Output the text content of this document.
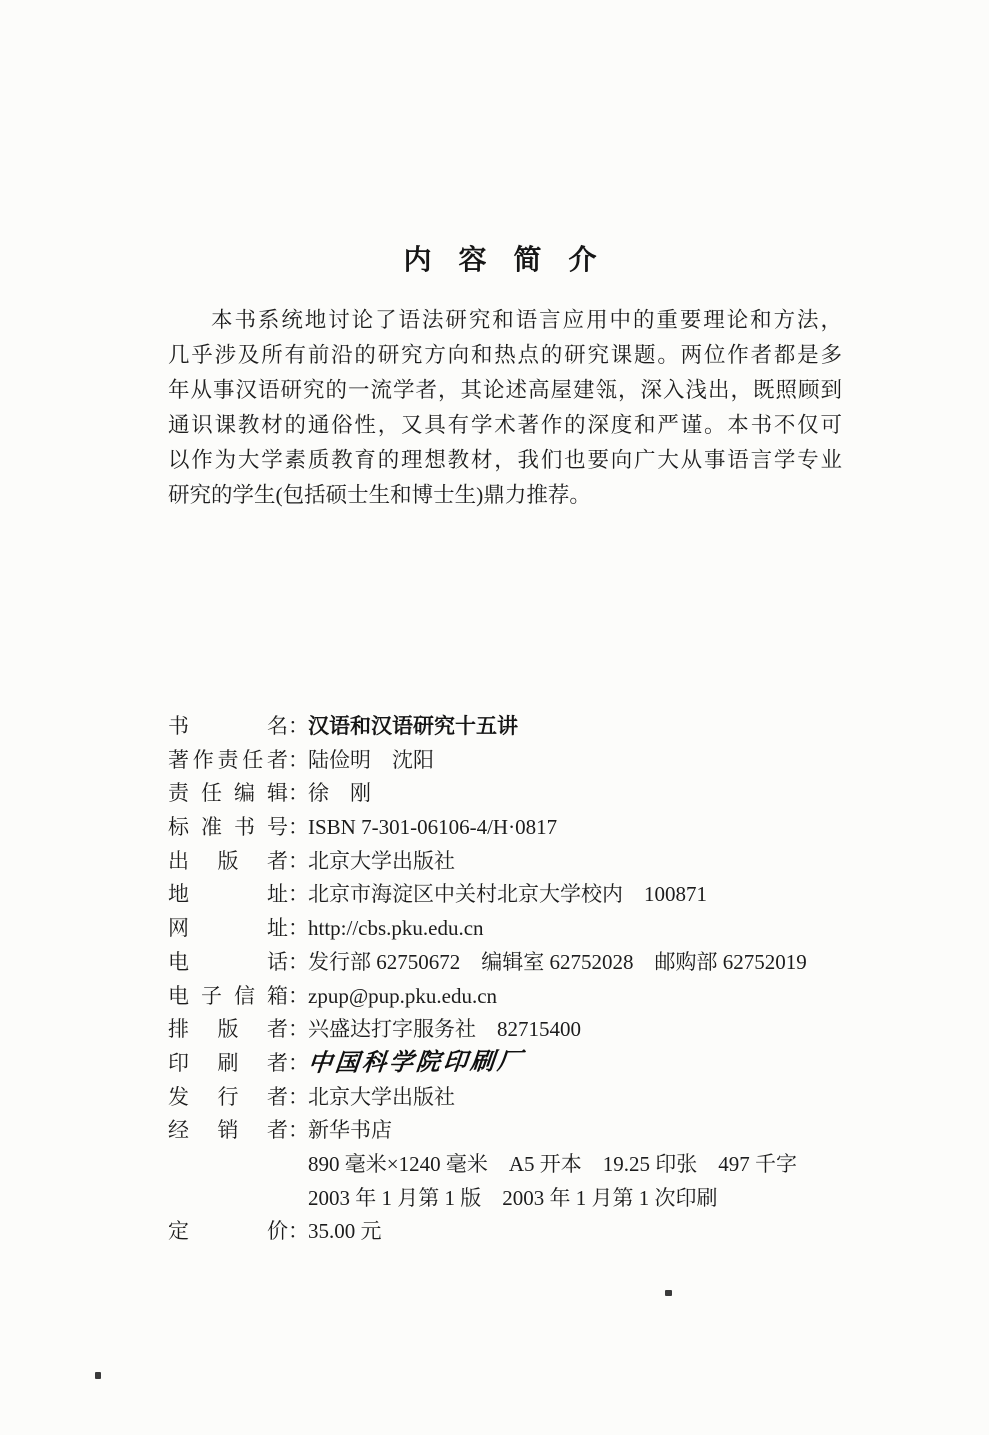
内 容 简 介
本书系统地讨论了语法研究和语言应用中的重要理论和方法，
几乎涉及所有前沿的研究方向和热点的研究课题。两位作者都是多
年从事汉语研究的一流学者，其论述高屋建瓴，深入浅出，既照顾到
通识课教材的通俗性，又具有学术著作的深度和严谨。本书不仅可
以作为大学素质教育的理想教材，我们也要向广大从事语言学专业
研究的学生(包括硕士生和博士生)鼎力推荐。
书名：汉语和汉语研究十五讲
著作责任者：陆俭明　沈阳
责任编辑：徐　刚
标准书号：ISBN 7-301-06106-4/H·0817
出版者：北京大学出版社
地址：北京市海淀区中关村北京大学校内　100871
网址：http://cbs.pku.edu.cn
电话：发行部 62750672　编辑室 62752028　邮购部 62752019
电子信箱：zpup@pup.pku.edu.cn
排版者：兴盛达打字服务社　82715400
印刷者：中国科学院印刷厂
发行者：北京大学出版社
经销者：新华书店
890 毫米×1240 毫米　A5 开本　19.25 印张　497 千字
2003 年 1 月第 1 版　2003 年 1 月第 1 次印刷
定价：35.00 元
